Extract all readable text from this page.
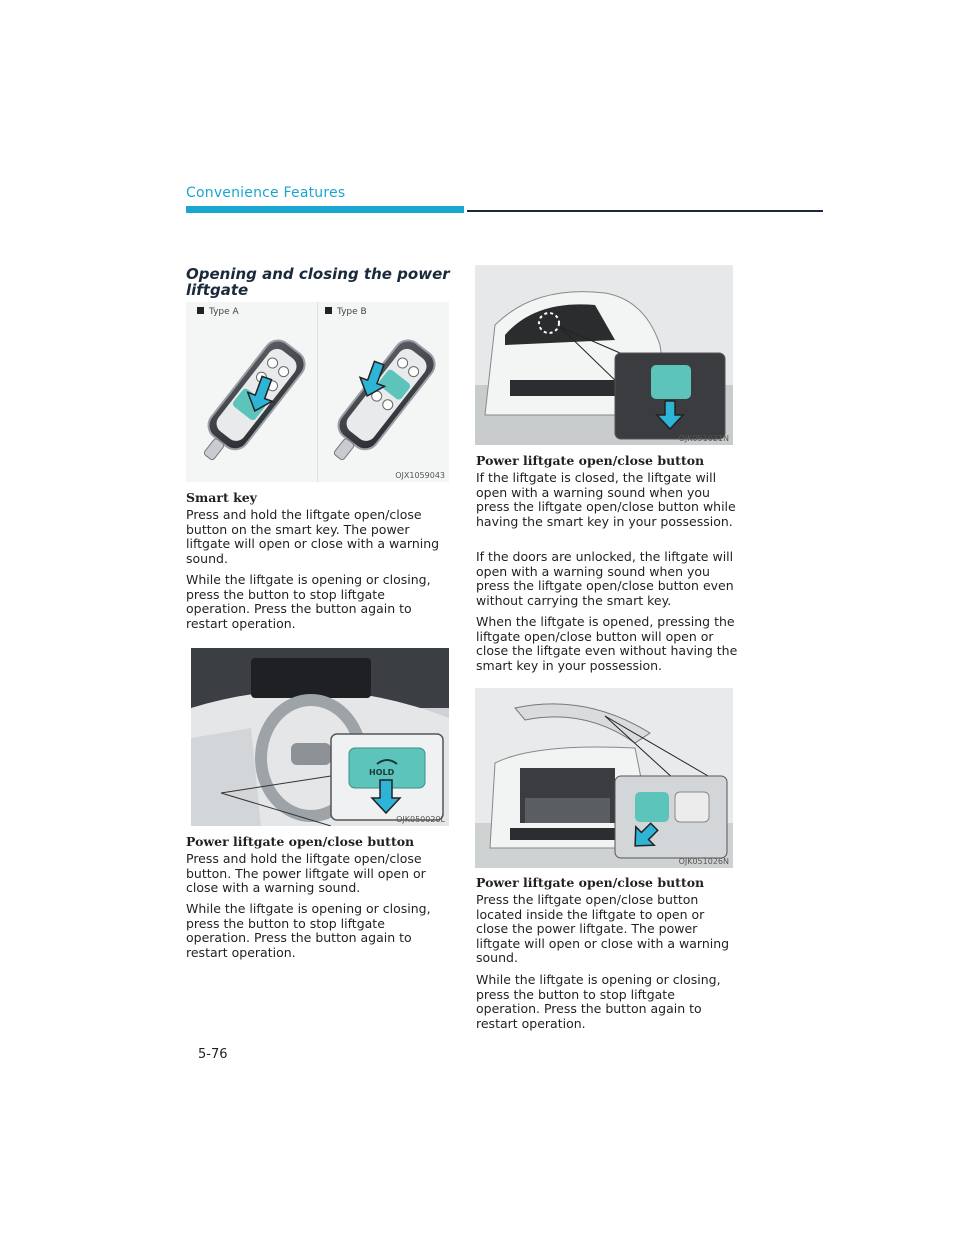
Convenience Features
Opening and closing the power liftgate
Type A	Type B
OJX1059043
Smart key

Press and hold the liftgate open/close button on the smart key. The power liftgate will open or close with a warning sound.

While the liftgate is opening or closing, press the button to stop liftgate operation. Press the button again to restart operation.

HOLD
OJK050020L
Power liftgate open/close button

Press and hold the liftgate open/close button. The power liftgate will open or close with a warning sound.

While the liftgate is opening or closing, press the button to stop liftgate operation. Press the button again to restart operation.

OJK051021N
Power liftgate open/close button

If the liftgate is closed, the liftgate will open with a warning sound when you press the liftgate open/close button while having the smart key in your possession.

If the doors are unlocked, the liftgate will open with a warning sound when you press the liftgate open/close button even without carrying the smart key.

When the liftgate is opened, pressing the liftgate open/close button will open or close the liftgate even without having the smart key in your possession.

OJK051026N
Power liftgate open/close button

Press the liftgate open/close button located inside the liftgate to open or close the power liftgate. The power liftgate will open or close with a warning sound.

While the liftgate is opening or closing, press the button to stop liftgate operation. Press the button again to restart operation.

5-76
